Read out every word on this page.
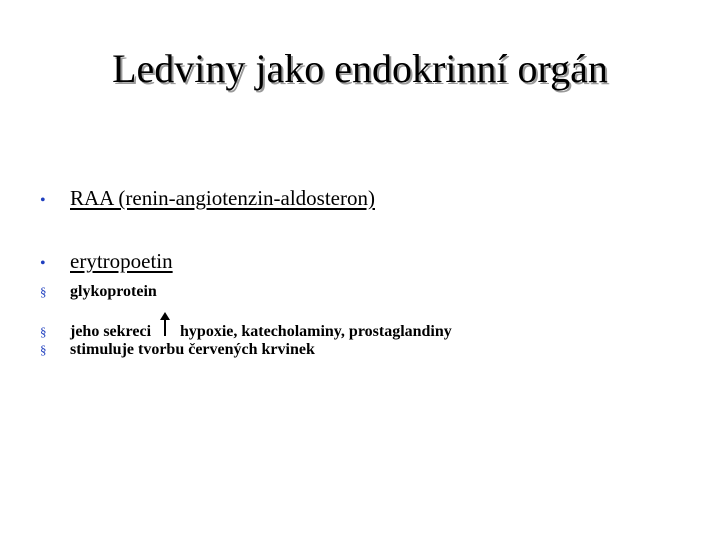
Ledviny jako endokrinní orgán
•	RAA (renin-angiotenzin-aldosteron)
•	erytropoetin
§	glykoprotein
§	jeho sekreci hypoxie, katecholaminy, prostaglandiny
§	stimuluje tvorbu červených krvinek
